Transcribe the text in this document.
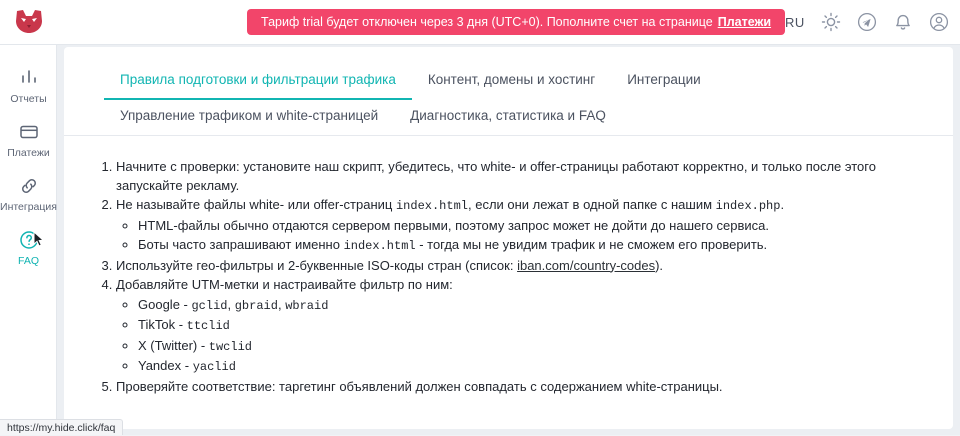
Тариф trial будет отключен через 3 дня (UTC+0). Пополните счет на странице Платежи RU
Отчеты
Платежи
Интеграция
FAQ
Правила подготовки и фильтрации трафика	Контент, домены и хостинг	Интеграции
Управление трафиком и white-страницей	Диагностика, статистика и FAQ
1. Начните с проверки: установите наш скрипт, убедитесь, что white- и offer-страницы работают корректно, и только после этого запускайте рекламу.
2. Не называйте файлы white- или offer-страниц index.html, если они лежат в одной папке с нашим index.php.
◦ HTML-файлы обычно отдаются сервером первыми, поэтому запрос может не дойти до нашего сервиса.
◦ Боты часто запрашивают именно index.html - тогда мы не увидим трафик и не сможем его проверить.
3. Используйте гео-фильтры и 2-буквенные ISO-коды стран (список: iban.com/country-codes).
4. Добавляйте UTM-метки и настраивайте фильтр по ним:
◦ Google - gclid, gbraid, wbraid
◦ TikTok - ttclid
◦ X (Twitter) - twclid
◦ Yandex - yaclid
5. Проверяйте соответствие: таргетинг объявлений должен совпадать с содержанием white-страницы.
https://my.hide.click/faq
